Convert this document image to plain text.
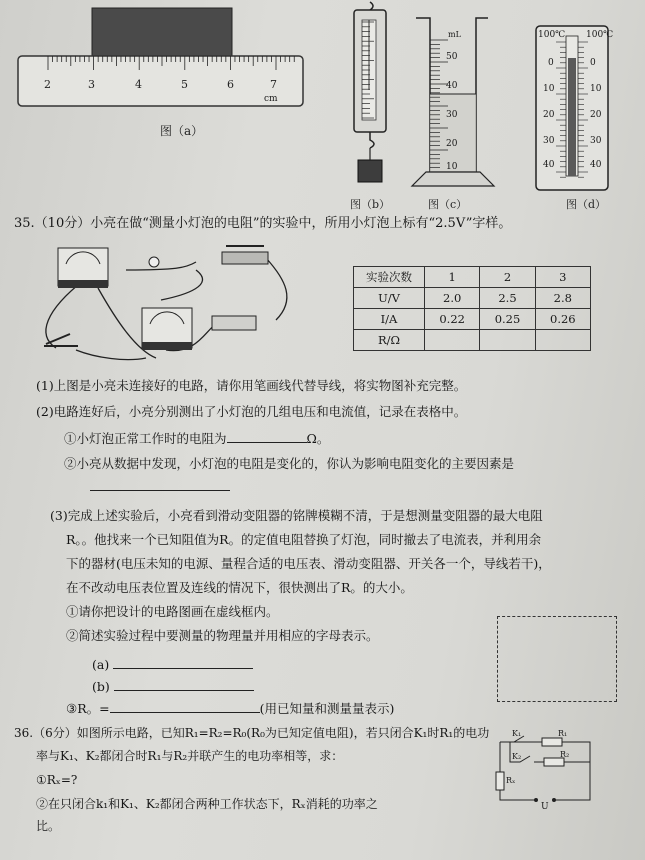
2	3	4	5	6	7
cm
图（a）
图（b）
mL
50
40
30
20
10
图（c）
100℃ 100℃
0
10
20
30
40
0
10
20
30
40
图（d）
35.（10分）小亮在做“测量小灯泡的电阻”的实验中，所用小灯泡上标有“2.5V”字样。
实验次数	1	2	3
U/V	2.0	2.5	2.8
I/A	0.22	0.25	0.26
R/Ω			
(1)上图是小亮未连接好的电路，请你用笔画线代替导线，将实物图补充完整。
(2)电路连好后，小亮分别测出了小灯泡的几组电压和电流值，记录在表格中。
①小灯泡正常工作时的电阻为	Ω。
②小亮从数据中发现，小灯泡的电阻是变化的，你认为影响电阻变化的主要因素是
(3)完成上述实验后，小亮看到滑动变阻器的铭牌模糊不清，于是想测量变阻器的最大电阻
R。。他找来一个已知阻值为R。的定值电阻替换了灯泡，同时撤去了电流表，并利用余
下的器材(电压未知的电源、量程合适的电压表、滑动变阻器、开关各一个，导线若干)，
在不改动电压表位置及连线的情况下，很快测出了R。的大小。
①请你把设计的电路图画在虚线框内。
②简述实验过程中要测量的物理量并用相应的字母表示。
(a)
(b)
③R。=	(用已知量和测量量表示)
36.（6分）如图所示电路，已知R₁=R₂=R₀(R₀为已知定值电阻)，若只闭合K₁时R₁的电功
率与K₁、K₂都闭合时R₁与R₂并联产生的电功率相等，求：
①Rₓ=?
②在只闭合k₁和K₁、K₂都闭合两种工作状态下，Rₓ消耗的功率之
比。
K₁	R₁
K₂	R₂
Rₓ
U
